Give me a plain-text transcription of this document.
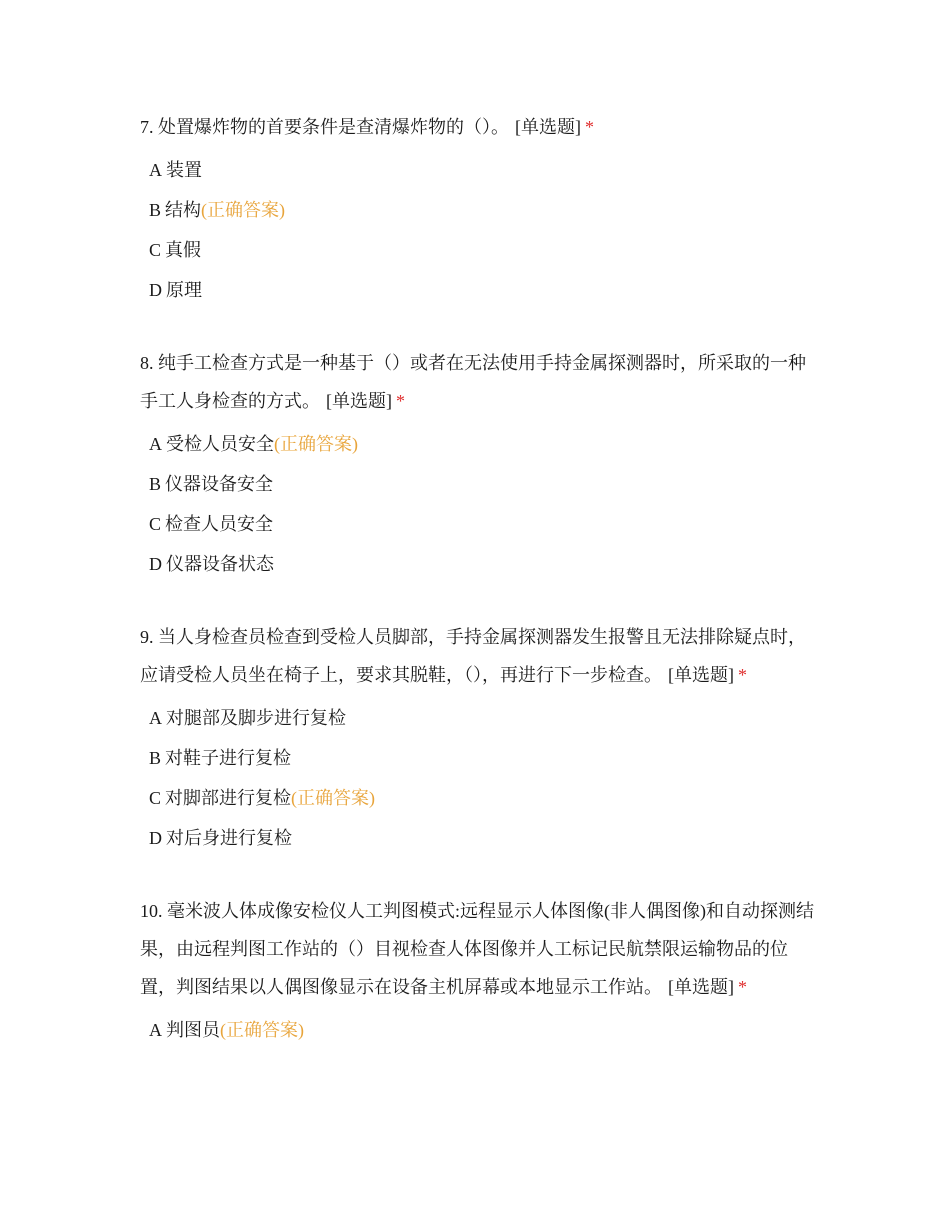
7. 处置爆炸物的首要条件是查清爆炸物的（）。 [单选题] *

A 装置
B 结构(正确答案)
C 真假
D 原理

8. 纯手工检查方式是一种基于（）或者在无法使用手持金属探测器时，所采取的一种手工人身检查的方式。 [单选题] *

A 受检人员安全(正确答案)
B 仪器设备安全
C 检查人员安全
D 仪器设备状态

9. 当人身检查员检查到受检人员脚部，手持金属探测器发生报警且无法排除疑点时，应请受检人员坐在椅子上，要求其脱鞋，（），再进行下一步检查。 [单选题] *

A 对腿部及脚步进行复检
B 对鞋子进行复检
C 对脚部进行复检(正确答案)
D 对后身进行复检

10. 毫米波人体成像安检仪人工判图模式:远程显示人体图像(非人偶图像)和自动探测结果，由远程判图工作站的（）目视检查人体图像并人工标记民航禁限运输物品的位置，判图结果以人偶图像显示在设备主机屏幕或本地显示工作站。 [单选题] *

A 判图员(正确答案)
